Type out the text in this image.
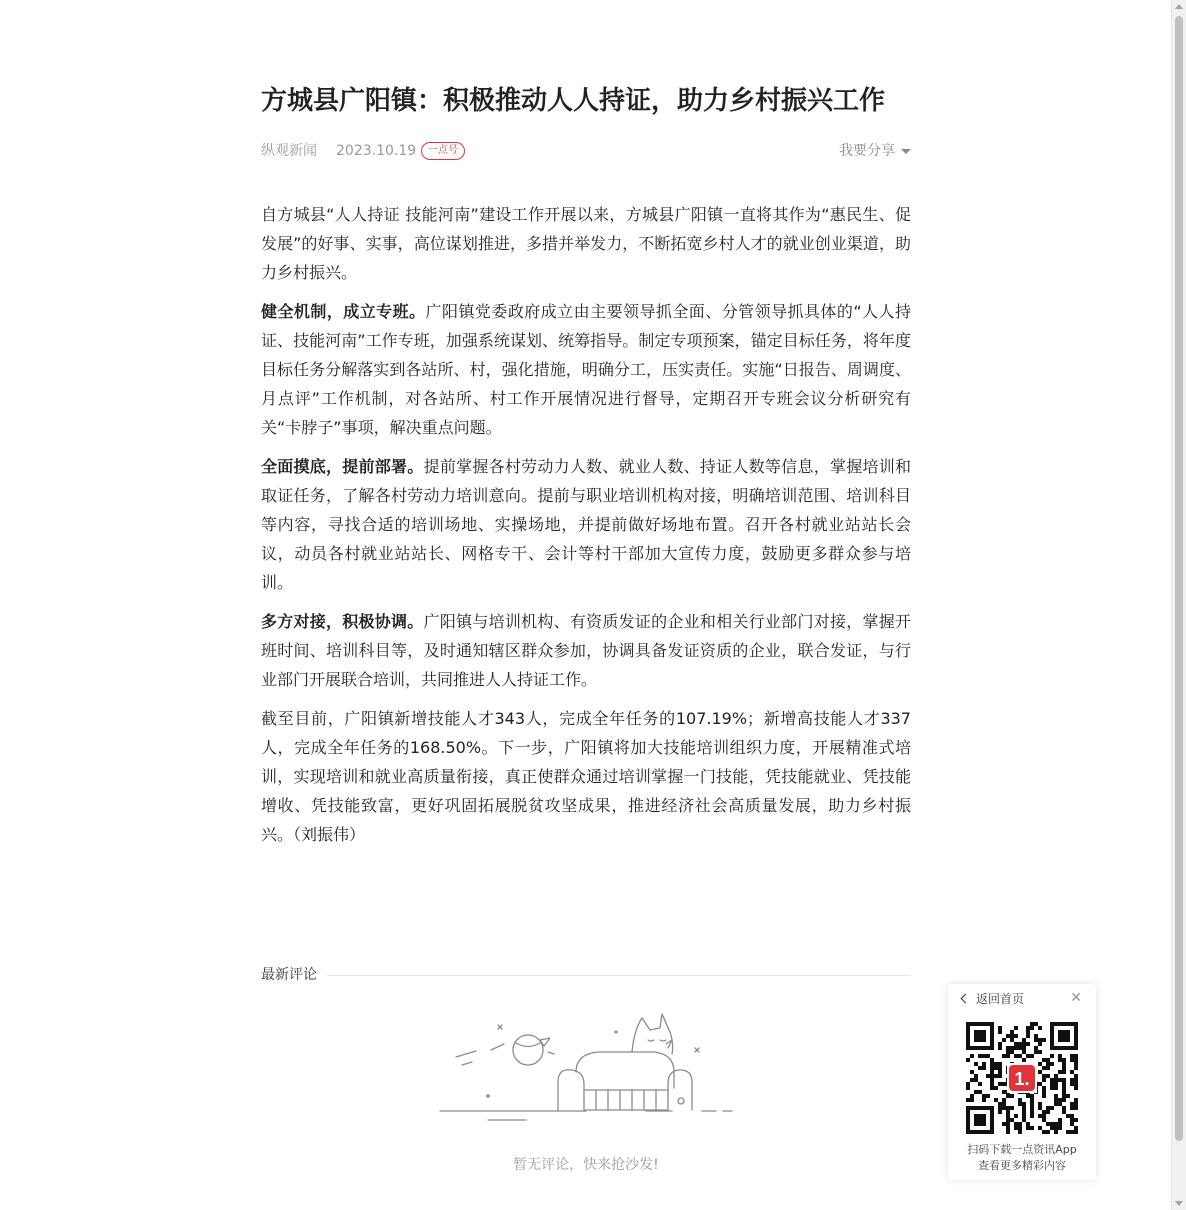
方城县广阳镇：积极推动人人持证，助力乡村振兴工作
纵观新闻 2023.10.19	一点号	我要分享

自方城县“人人持证 技能河南”建设工作开展以来，方城县广阳镇一直将其作为“惠民生、促发展”的好事、实事，高位谋划推进，多措并举发力，不断拓宽乡村人才的就业创业渠道，助力乡村振兴。

健全机制，成立专班。广阳镇党委政府成立由主要领导抓全面、分管领导抓具体的“人人持证、技能河南”工作专班，加强系统谋划、统筹指导。制定专项预案，锚定目标任务，将年度目标任务分解落实到各站所、村，强化措施，明确分工，压实责任。实施“日报告、周调度、月点评”工作机制，对各站所、村工作开展情况进行督导，定期召开专班会议分析研究有关“卡脖子”事项，解决重点问题。

全面摸底，提前部署。提前掌握各村劳动力人数、就业人数、持证人数等信息，掌握培训和取证任务，了解各村劳动力培训意向。提前与职业培训机构对接，明确培训范围、培训科目等内容，寻找合适的培训场地、实操场地，并提前做好场地布置。召开各村就业站站长会议，动员各村就业站站长、网格专干、会计等村干部加大宣传力度，鼓励更多群众参与培训。

多方对接，积极协调。广阳镇与培训机构、有资质发证的企业和相关行业部门对接，掌握开班时间、培训科目等，及时通知辖区群众参加，协调具备发证资质的企业，联合发证，与行业部门开展联合培训，共同推进人人持证工作。

截至目前，广阳镇新增技能人才343人，完成全年任务的107.19%；新增高技能人才337人，完成全年任务的168.50%。下一步，广阳镇将加大技能培训组织力度，开展精准式培训，实现培训和就业高质量衔接，真正使群众通过培训掌握一门技能，凭技能就业、凭技能增收、凭技能致富，更好巩固拓展脱贫攻坚成果，推进经济社会高质量发展，助力乡村振兴。（刘振伟）

最新评论
暂无评论，快来抢沙发!
返回首页	✕
1.
扫码下载一点资讯App
查看更多精彩内容
